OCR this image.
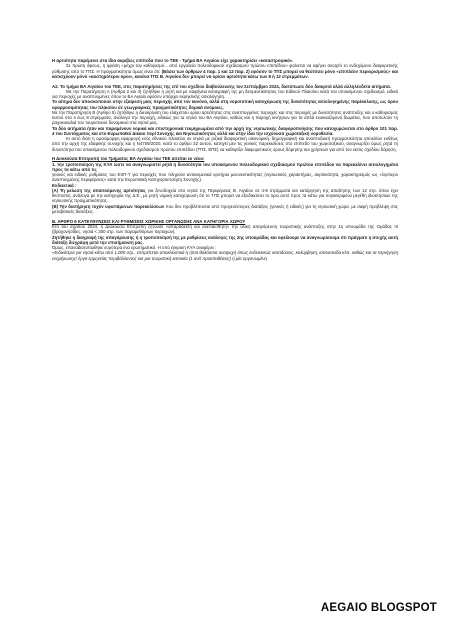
Η αρτιότητα παρέμεινε στα ίδια ακριβώς επίπεδα που το ΤΕΕ - Τμήμα ΒΑ Αιγαίου είχε χαρακτηρίσει «καταστροφικά».

Σε πρώτη όψεως, η φράση «μέχρι τον καθορισμό... από εργαλεία πολεοδομικού σχεδιασμού πρώτου επιπέδου» φαίνεται να αφήνει ανοιχτό το ενδεχόμενο διαφορετικής ρύθμισης από το ΤΠΣ. Η πραγματικότητα όμως είναι ότι: (Βάσει των άρθρων 4 παρ. 1 και 13 παρ. 2) εφόσον το ΤΠΣ μπορεί να θεσπίσει μόνο «επιπλέον περιορισμούς» και κατισχύουν μόνο «αυστηρότεροι όροι», κανένα ΤΠΣ Β. Αιγαίου δεν μπορεί να ορίσει αρτιότητα κάτω των 8 ή 12 στρεμμάτων.

Α2. Το τμήμα ΒΑ Αιγαίου του ΤΕΕ, στις παρατηρήσεις της επί του σχεδίου διαβούλευσης τον Σεπτέμβριο 2024, διατύπωσε δύο διακριτά αλλά αλληλένδετα αιτήματα.

Με την Παρατήρηση Α (Άρθρα 2 και 4) ζητήθηκε η ρητή και με σαφήνεια καταγραφή της μη δεσμευτικότητας του Ειδικού Πλαισίου κατά του υποκείμενου σχεδιασμό, ειδικά για περιοχές με αναπτυγμένες όπου το ΒΑ Αιγαίο εφόσον υπάρχει εκρηκτικής αιτιολόγηση.

Το αίτημα δεν αποσκοπούσε στην εξαίρεση μιας περιοχής από τον κανόνα, αλλά στη νομοτυπική κατοχύρωση της δυνατότητας αιτιολογημένης παρέκκλισης, ως όρου εφαρμοσιμότητας του πλαισίου σε γεωγραφικές πραγματικότητες δομικά ανόμοιες.

Με την Παρατήρηση Β (Άρθρο 5) ζητήθηκε η διευκρίνιση του ελάχιστου ορίου αρτιότητας στις αναπτυγμένες περιοχές και στις περιοχές με δυνατότητες ανάπτυξης και ο καθορισμός αυτού στα 4 έως 8 στρέμματα, ανάλογα την περιοχή, ειδικώς για τα νησιά του ΒΑ Αιγαίου, καθώς και η παροχή κινήτρων για τα απλά ενοικιαζόμενα δωμάτια, που αποτελούν τη ραχοκοκαλιά του τουριστικού δυναμικού στα νησιά μας.

Τα δύο αιτήματα ήταν και παραμένουν νομικά και επιστημονικά τεκμηριωμένα από την αρχή της νησιωτικής διαφοροποίησης που κατοχυρώνεται στο άρθρο 101 παρ. 4 του Συντάγματος και στο Ευρωπαϊκό Δίκαιο περί Συνοχής και Νησιωτικότητας αλλά και στην ίδια την ισχύουσα χωροταξική νομοθεσία.

Κι αυτό διότι η ομοιόμορφη εφαρμογή ενός εθνικού πλαισίου σε νησιά με ριζικά διαφορετική οικονομική, δημογραφική και αναπτυξιακή πραγματικότητα αποκλίνει ευθέως από την αρχή της εδαφικής συνοχής και η Ν4759/2020, κατά το άρθρο 32 αυτού, κατηγεί μεν τις γενικές παρεκκλίσεις στο επίπεδο του χωροταξικού, αναγνωρίζει όμως ρητά τη δυνατότητα του υποκείμενου πολεοδομικού σχεδιασμού πρώτου επιπέδου (ΤΠΣ, ΕΠΣ) να καθορίζει διαφορετικούς όρους δόμησης και χρήσεων για από τον εκτός σχεδίου δόμηση.

Η Διοικούσα Επιτροπή του Τμήματος ΒΑ Αιγαίου του ΤΕΕ αιτείται εκ νέου:

1. την τροποποίηση της ΚΥΑ ώστε να αναγνωριστεί ρητά η δυνατότητα του υποκείμενου πολεοδομικού σχεδιασμού πρώτου επιπέδου να παρεκκλίνει αιτιολογημένα προς τα κάτω από τις

γενικές και ειδικές ρυθμίσεις του ΕΧΠ-Τ για περιοχές που πληρούν αντικειμενικά κριτήρια μειονεκτικότητας (νησιωτικός χαρακτήρας, ακριτικότητα, χαρακτηρισμός ως «λιγότερο αναπτυγμένης περιφέρειας» κατά την Ευρωπαϊκή Κατηγοριοποίηση Συνοχής).

Ενδεικτικά :

(Α) Τη μείωση της απαιτούμενης αρτιότητας για ξενοδοχεία στα νησιά της Περιφέρειας Β. Αιγαίου σε 4-8 στρέμματα και κατάργηση της απαίτησης των 12 στρ. όπου έχει θεσπιστεί, ανάλογα με την κατηγορία της Δ.Ε., με ρητή νομική κατοχύρωση ότι το ΤΠΣ μπορεί να εξειδικεύσει το όριο αυτό προς τα κάτω για συγκεκριμένα μεγέθη ιδιοκτησιών της νησιωτικής πραγματικότητας.

(Β) Την διατήρηση τυχόν υφιστάμενων παρεκκλίσεων που δεν προβλέπονται από προγενέστερες διατάξεις (γενικές ή ειδικές) για τη νησιωτική χώρα, με σαφή προβλέψη στις μεταβατικές διατάξεις.

Β. ΑΡΘΡΟ 6 ΚΑΤΕΥΘΥΝΣΕΙΣ ΚΑΙ ΡΥΘΜΙΣΕΙΣ ΧΩΡΙΚΗΣ ΟΡΓΑΝΩΣΗΣ ΑΝΑ ΚΑΤΗΓΟΡΙΑ ΧΩΡΟΥ

Επί του σχεδίου 2024, η Διοικούσα Επιτροπή ζητούσε «απαράδεκτη και ανεπαισθητη» την ολική απαγόρευση τουριστικής ανάπτυξης στην 1η υποομάδα της Ομάδας ΙΙΙ (βραχονησίδες, νησιά < 300 στρ. των παραμεθόριων περιοχών).

Ζητήθηκε η διαγραφή της απαγόρευσης ή η τροποποίησή της με ρυθμίσεις ανάλογες της 2ης υποομάδας και οφείλουμε να αναγνωρίσουμε ότι πράγματι η ατυχής αυτή διάταξη διεγράφη μετά την επισήμανση μας.

Όμως, επαναδιατυπώθηκε ευρύτερα ένα ερωτηματικό. Η υπό έγκριση ΚΥΑ αναφέρει :

«Ειδικότερα για νησιά κάτω από 1.000 στρ., επιτρέπεται αποκλειστικά η ήπια θαλάσσια αναψυχή όπως ενδεικτικώς καταδύσεις, κολύμβηση, ιστιοσανίδα κλπ. καθώς και τα περιήγηση ενημέρωσης/ έργα ερμηνείας περιβάλλοντος και μια τουριστική κατοικία (1 ανά προϋποθέσεις) ή μία οργανωμένη

AEGAIO BLOGSPOT
